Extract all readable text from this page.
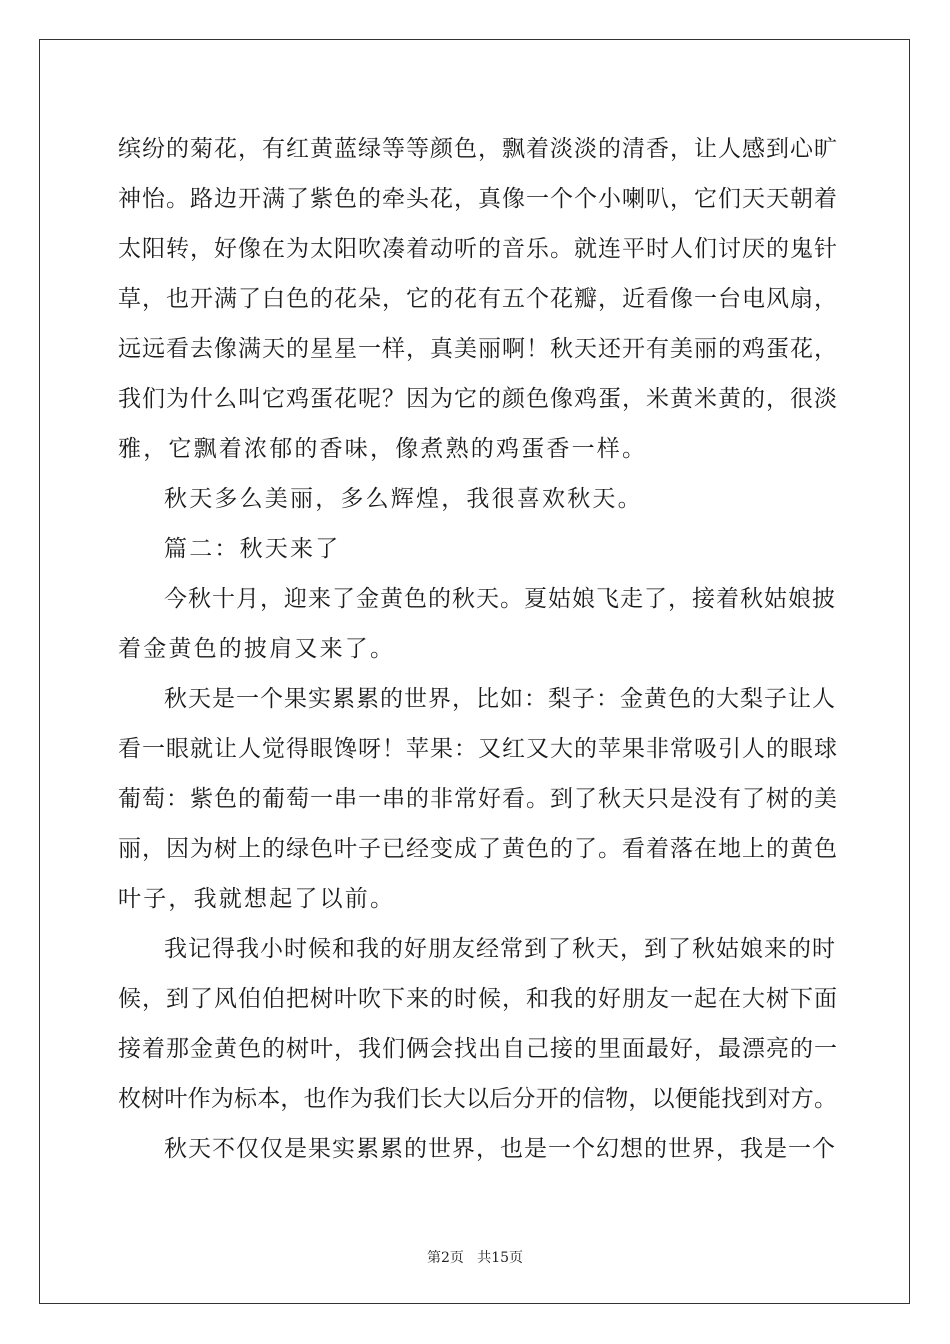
缤纷的菊花，有红黄蓝绿等等颜色，飘着淡淡的清香，让人感到心旷
神怡。路边开满了紫色的牵头花，真像一个个小喇叭，它们天天朝着
太阳转，好像在为太阳吹凑着动听的音乐。就连平时人们讨厌的鬼针
草，也开满了白色的花朵，它的花有五个花瓣，近看像一台电风扇，
远远看去像满天的星星一样，真美丽啊！秋天还开有美丽的鸡蛋花，
我们为什么叫它鸡蛋花呢？因为它的颜色像鸡蛋，米黄米黄的，很淡
雅，它飘着浓郁的香味，像煮熟的鸡蛋香一样。
秋天多么美丽，多么辉煌，我很喜欢秋天。
篇二：秋天来了
今秋十月，迎来了金黄色的秋天。夏姑娘飞走了，接着秋姑娘披
着金黄色的披肩又来了。
秋天是一个果实累累的世界，比如：梨子：金黄色的大梨子让人
看一眼就让人觉得眼馋呀！苹果：又红又大的苹果非常吸引人的眼球
葡萄：紫色的葡萄一串一串的非常好看。到了秋天只是没有了树的美
丽，因为树上的绿色叶子已经变成了黄色的了。看着落在地上的黄色
叶子，我就想起了以前。
我记得我小时候和我的好朋友经常到了秋天，到了秋姑娘来的时
候，到了风伯伯把树叶吹下来的时候，和我的好朋友一起在大树下面
接着那金黄色的树叶，我们俩会找出自己接的里面最好，最漂亮的一
枚树叶作为标本，也作为我们长大以后分开的信物，以便能找到对方。
秋天不仅仅是果实累累的世界，也是一个幻想的世界，我是一个
第2页   共15页
